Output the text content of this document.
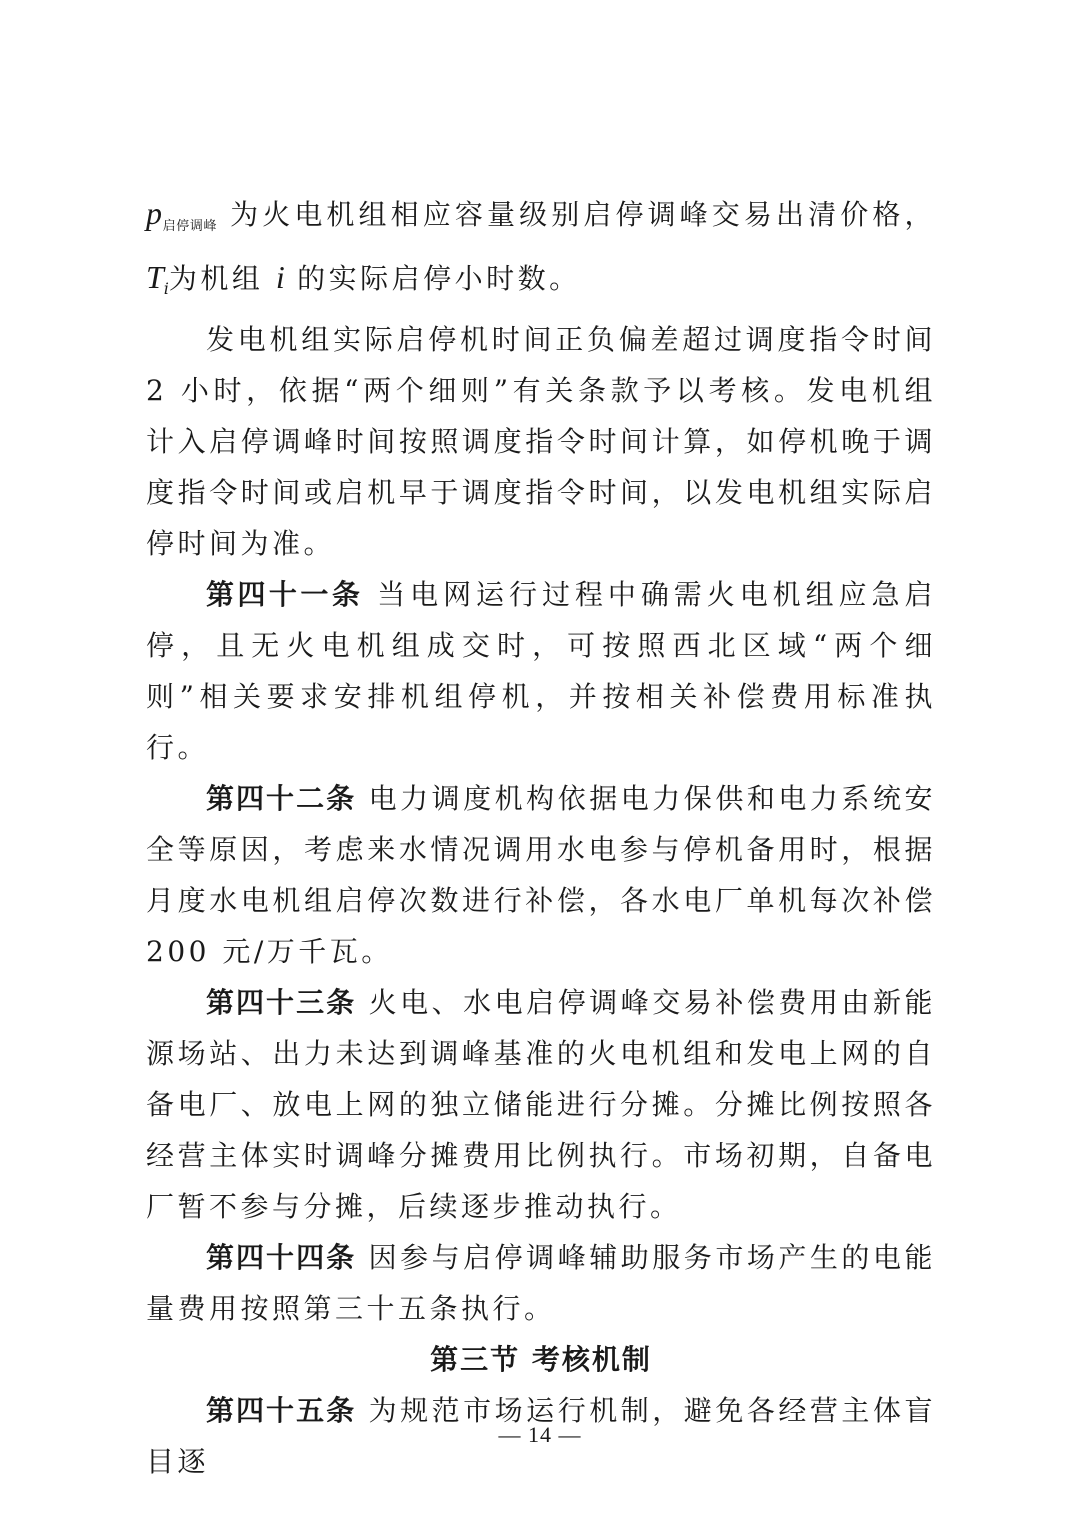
$p_{启停调峰}$ 为火电机组相应容量级别启停调峰交易出清价格，$T_i$为机组 i 的实际启停小时数。

发电机组实际启停机时间正负偏差超过调度指令时间 2 小时，依据“两个细则”有关条款予以考核。发电机组计入启停调峰时间按照调度指令时间计算，如停机晚于调度指令时间或启机早于调度指令时间，以发电机组实际启停时间为准。

第四十一条 当电网运行过程中确需火电机组应急启停，且无火电机组成交时，可按照西北区域“两个细则”相关要求安排机组停机，并按相关补偿费用标准执行。

第四十二条 电力调度机构依据电力保供和电力系统安全等原因，考虑来水情况调用水电参与停机备用时，根据月度水电机组启停次数进行补偿，各水电厂单机每次补偿 200 元/万千瓦。

第四十三条 火电、水电启停调峰交易补偿费用由新能源场站、出力未达到调峰基准的火电机组和发电上网的自备电厂、放电上网的独立储能进行分摊。分摊比例按照各经营主体实时调峰分摊费用比例执行。市场初期，自备电厂暂不参与分摊，后续逐步推动执行。

第四十四条 因参与启停调峰辅助服务市场产生的电能量费用按照第三十五条执行。

第三节 考核机制

第四十五条 为规范市场运行机制，避免各经营主体盲目逐

— 14 —
